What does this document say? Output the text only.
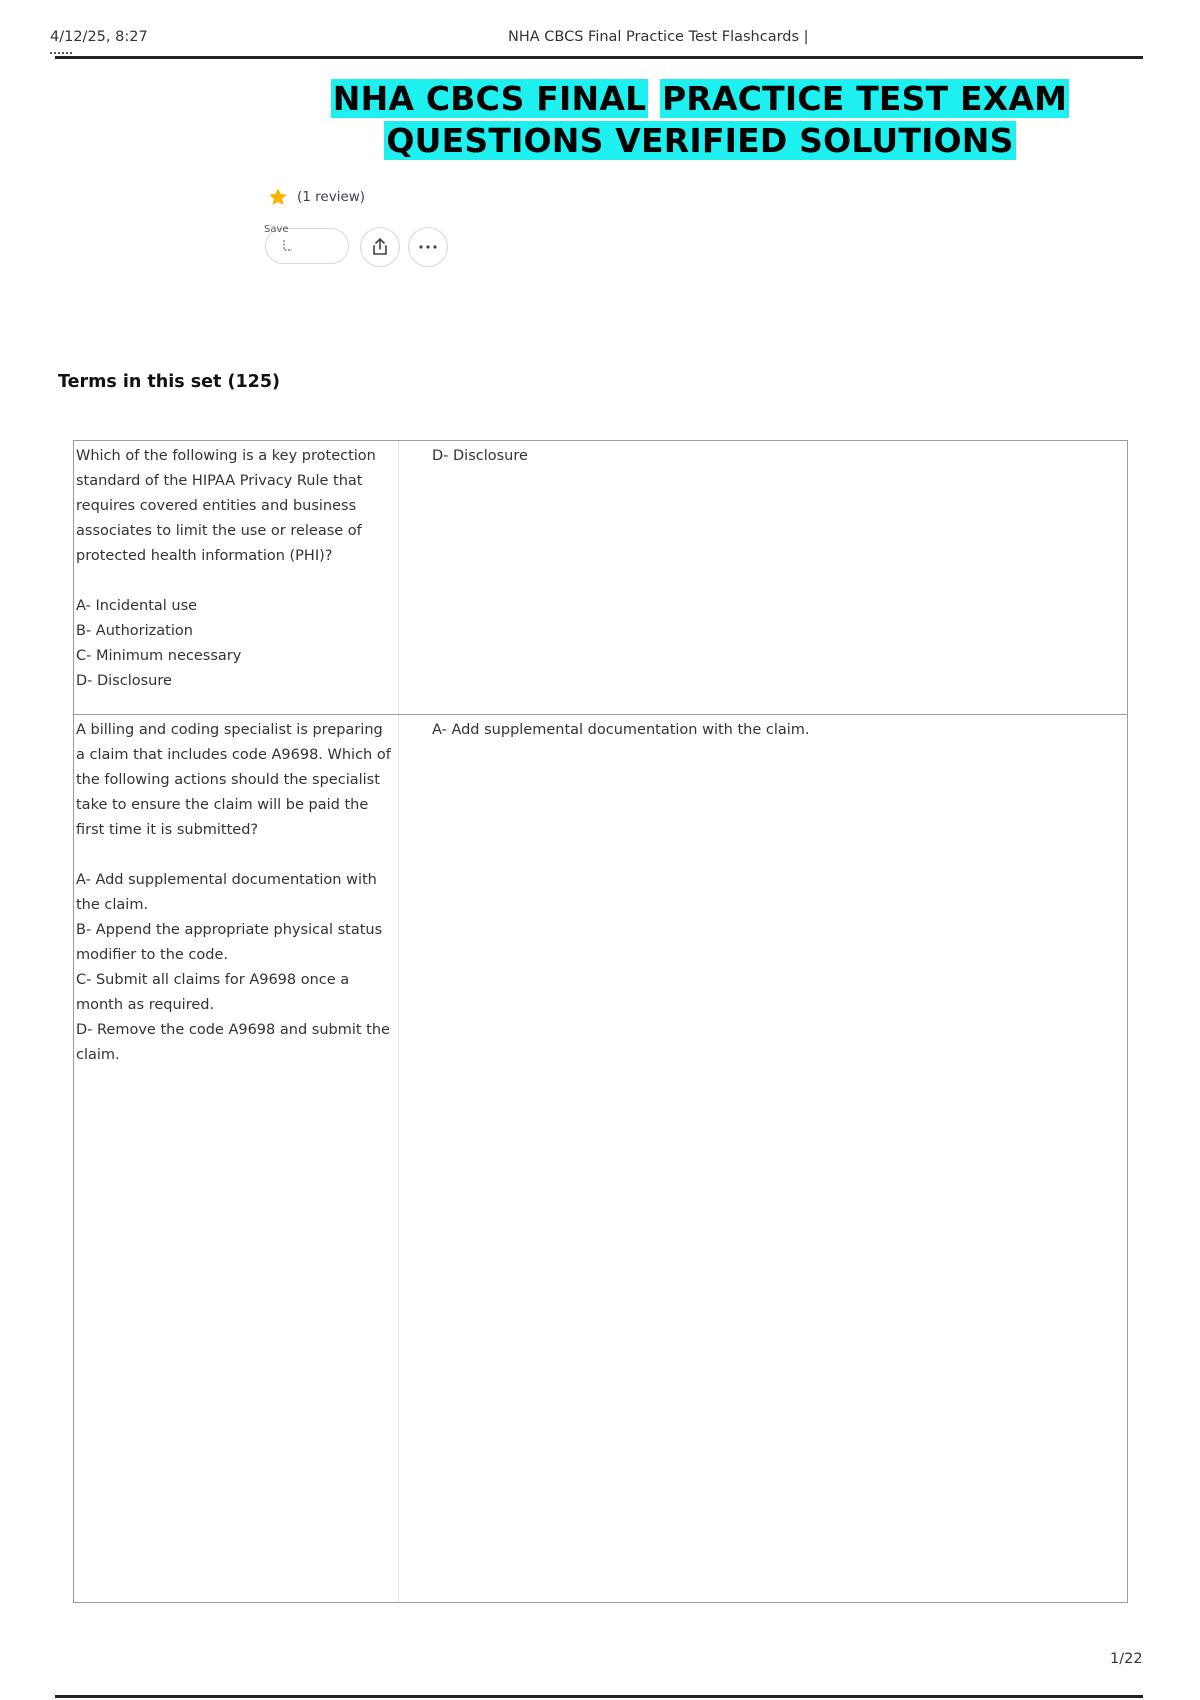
4/12/25, 8:27	NHA CBCS Final Practice Test Flashcards |
NHA CBCS FINAL PRACTICE TEST EXAM
QUESTIONS VERIFIED SOLUTIONS
(1 review)
Save
Terms in this set (125)

Which of the following is a key protection standard of the HIPAA Privacy Rule that requires covered entities and business associates to limit the use or release of protected health information (PHI)?

A- Incidental use

B- Authorization

C- Minimum necessary

D- Disclosure

D- Disclosure

A billing and coding specialist is preparing a claim that includes code A9698. Which of the following actions should the specialist take to ensure the claim will be paid the first time it is submitted?

A- Add supplemental documentation with the claim.

B- Append the appropriate physical status modifier to the code.

C- Submit all claims for A9698 once a month as required.

D- Remove the code A9698 and submit the claim.

A- Add supplemental documentation with the claim.
1/22
